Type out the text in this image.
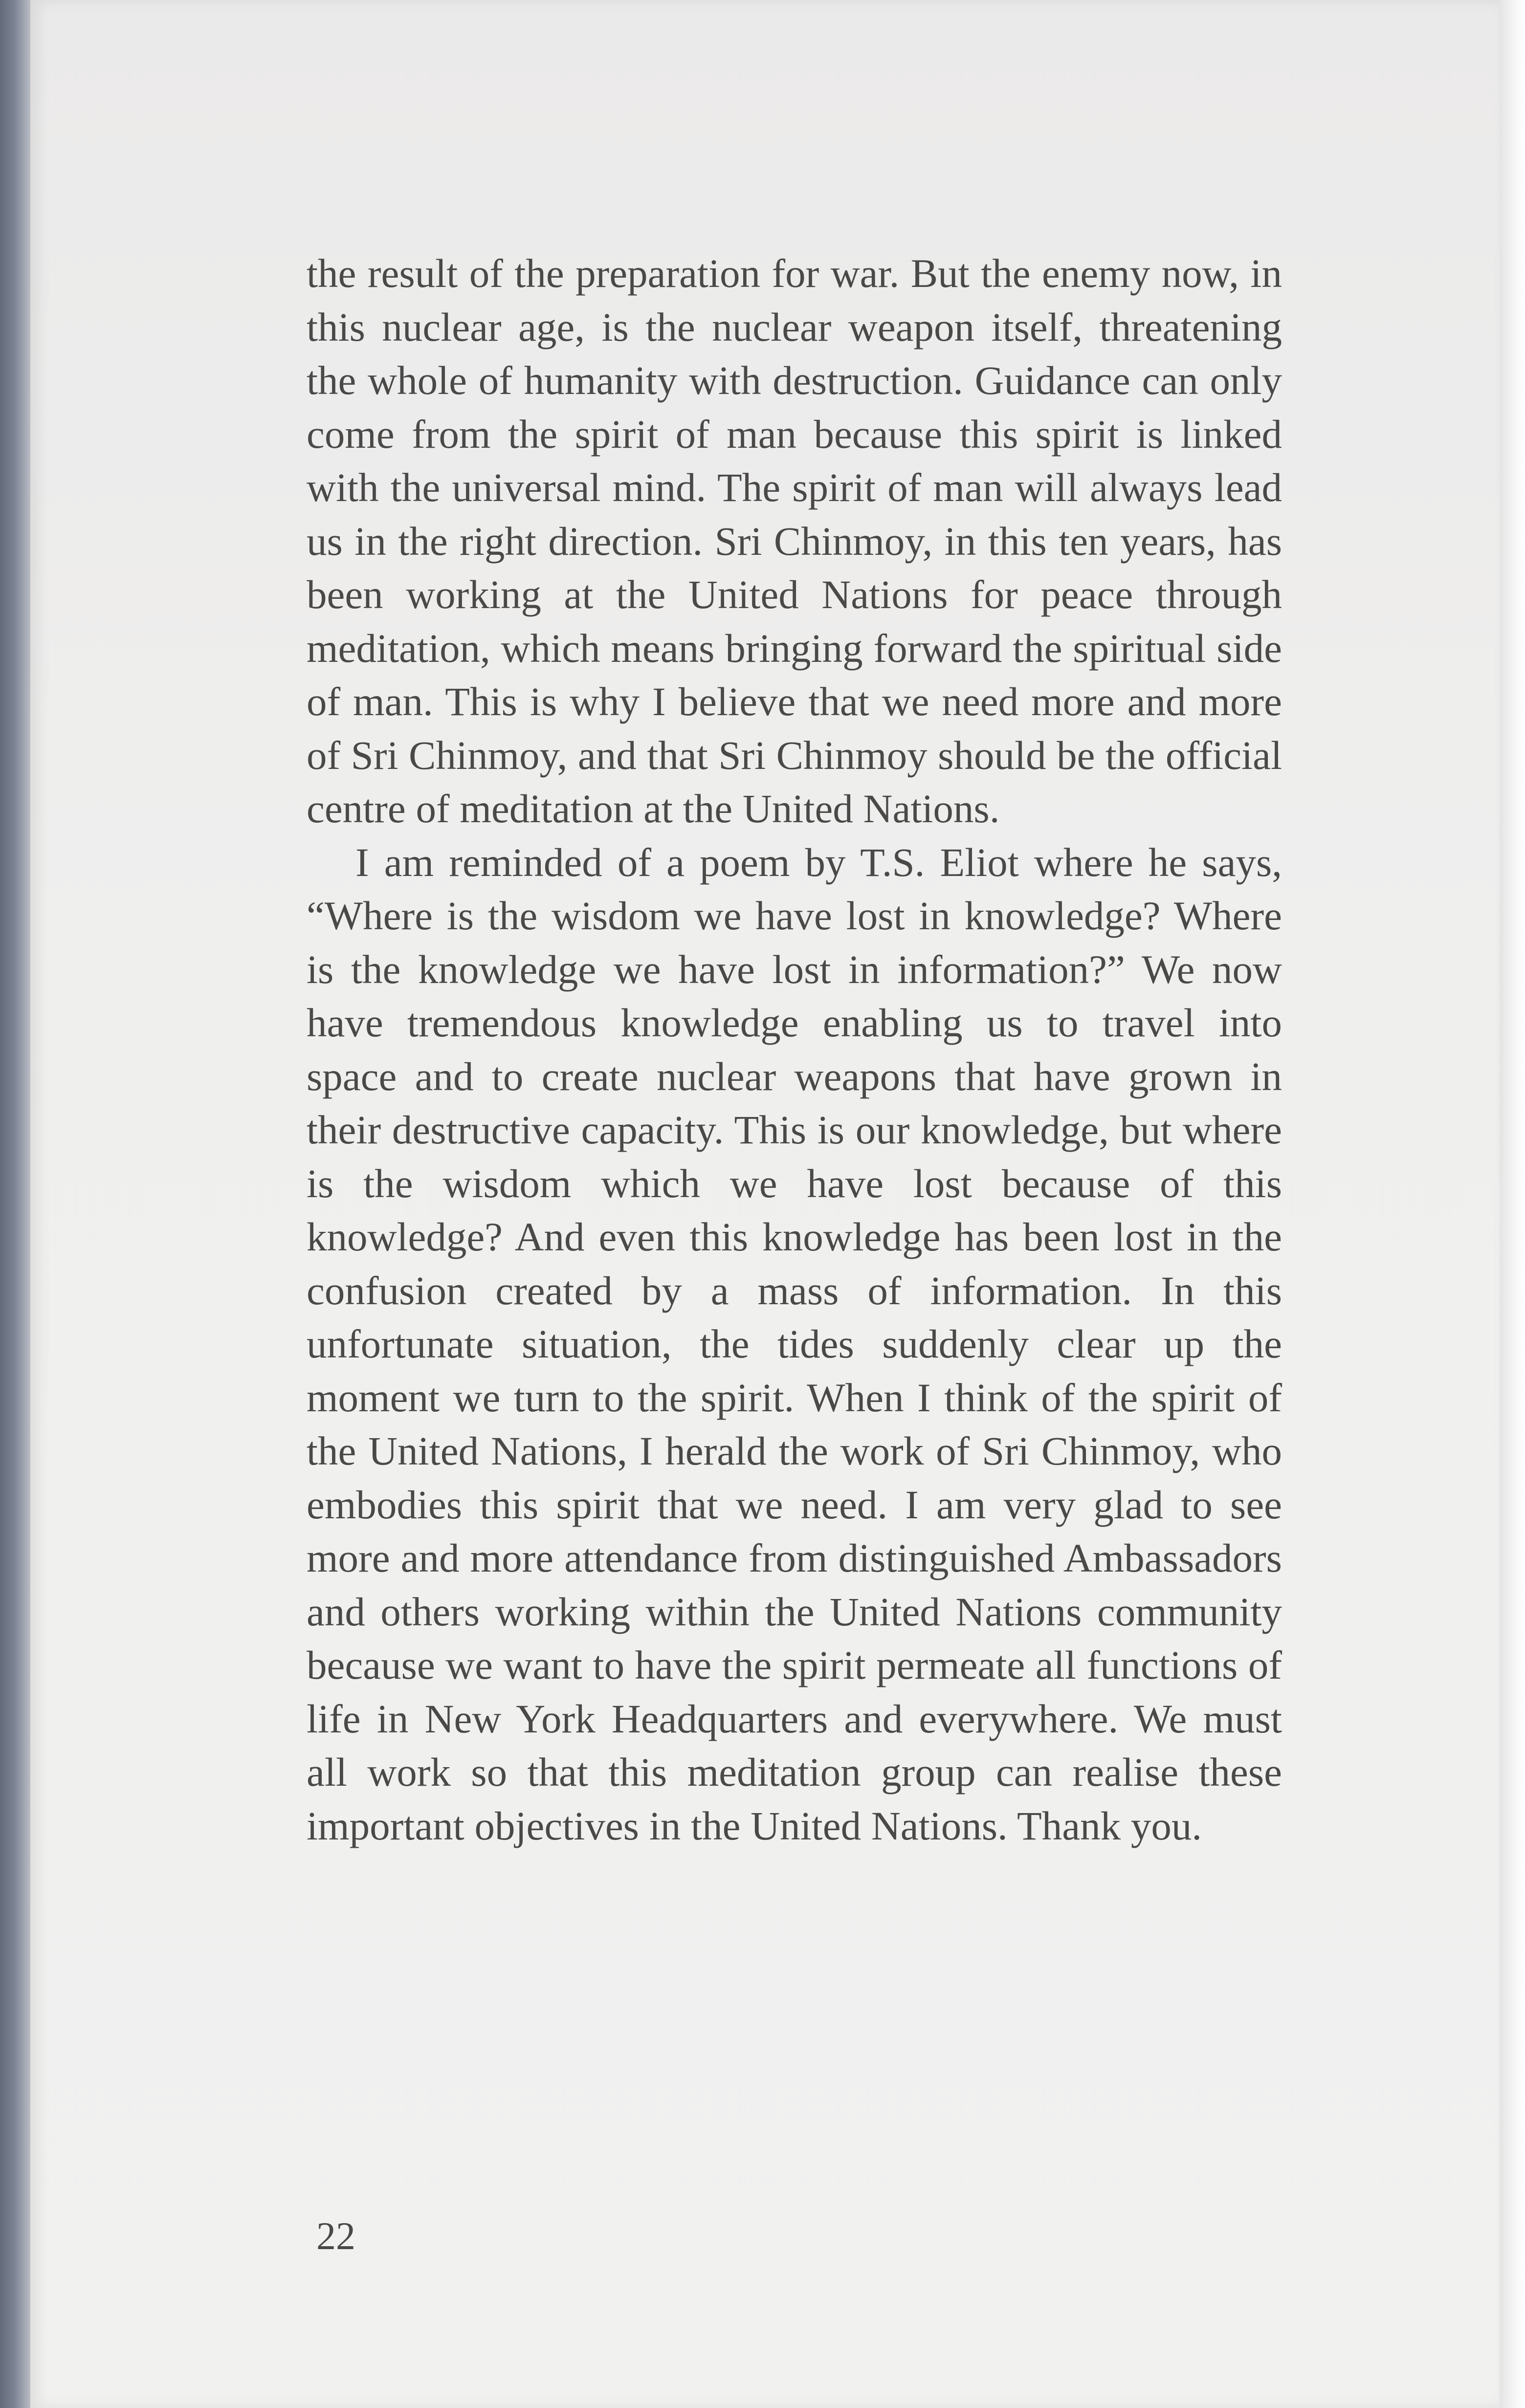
the result of the preparation for war. But the enemy now, in this nuclear age, is the nuclear weapon itself, threatening the whole of humanity with destruction. Guidance can only come from the spirit of man because this spirit is linked with the universal mind. The spirit of man will always lead us in the right direction. Sri Chinmoy, in this ten years, has been working at the United Nations for peace through meditation, which means bringing forward the spiritual side of man. This is why I believe that we need more and more of Sri Chinmoy, and that Sri Chinmoy should be the official centre of meditation at the United Nations.

I am reminded of a poem by T.S. Eliot where he says, “Where is the wisdom we have lost in knowledge? Where is the knowledge we have lost in information?” We now have tremendous knowledge enabling us to travel into space and to create nuclear weapons that have grown in their destructive capacity. This is our knowledge, but where is the wisdom which we have lost because of this knowledge? And even this knowledge has been lost in the confusion created by a mass of information. In this unfortunate situation, the tides suddenly clear up the moment we turn to the spirit. When I think of the spirit of the United Nations, I herald the work of Sri Chinmoy, who embodies this spirit that we need. I am very glad to see more and more attendance from distinguished Ambassadors and others working within the United Nations community because we want to have the spirit permeate all functions of life in New York Headquarters and everywhere. We must all work so that this meditation group can realise these important objectives in the United Nations. Thank you.

22
